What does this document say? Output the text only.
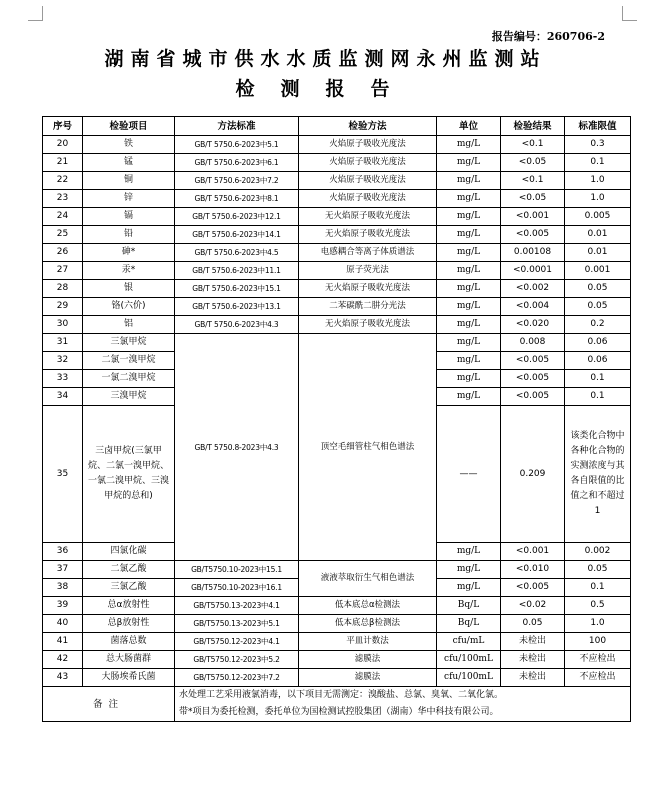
报告编号：260706-2
湖南省城市供水水质监测网永州监测站
检测报告
序号	检验项目	方法标准	检验方法	单位	检验结果	标准限值
20	铁	GB/T 5750.6-2023中5.1	火焰原子吸收光度法	mg/L	<0.1	0.3
21	锰	GB/T 5750.6-2023中6.1	火焰原子吸收光度法	mg/L	<0.05	0.1
22	铜	GB/T 5750.6-2023中7.2	火焰原子吸收光度法	mg/L	<0.1	1.0
23	锌	GB/T 5750.6-2023中8.1	火焰原子吸收光度法	mg/L	<0.05	1.0
24	镉	GB/T 5750.6-2023中12.1	无火焰原子吸收光度法	mg/L	<0.001	0.005
25	铅	GB/T 5750.6-2023中14.1	无火焰原子吸收光度法	mg/L	<0.005	0.01
26	砷*	GB/T 5750.6-2023中4.5	电感耦合等离子体质谱法	mg/L	0.00108	0.01
27	汞*	GB/T 5750.6-2023中11.1	原子荧光法	mg/L	<0.0001	0.001
28	银	GB/T 5750.6-2023中15.1	无火焰原子吸收光度法	mg/L	<0.002	0.05
29	铬(六价)	GB/T 5750.6-2023中13.1	二苯碳酰二肼分光法	mg/L	<0.004	0.05
30	铝	GB/T 5750.6-2023中4.3	无火焰原子吸收光度法	mg/L	<0.020	0.2
31	三氯甲烷	GB/T 5750.8-2023中4.3	顶空毛细管柱气相色谱法	mg/L	0.008	0.06
32	二氯一溴甲烷			mg/L	<0.005	0.06
33	一氯二溴甲烷			mg/L	<0.005	0.1
34	三溴甲烷			mg/L	<0.005	0.1
35	三卤甲烷(三氯甲烷、二氯一溴甲烷、一氯二溴甲烷、三溴甲烷的总和)			——	0.209	该类化合物中各种化合物的实测浓度与其各自限值的比值之和不超过1
36	四氯化碳			mg/L	<0.001	0.002
37	二氯乙酸	GB/T5750.10-2023中15.1	液液萃取衍生气相色谱法	mg/L	<0.010	0.05
38	三氯乙酸	GB/T5750.10-2023中16.1		mg/L	<0.005	0.1
39	总α放射性	GB/T5750.13-2023中4.1	低本底总α检测法	Bq/L	<0.02	0.5
40	总β放射性	GB/T5750.13-2023中5.1	低本底总β检测法	Bq/L	0.05	1.0
41	菌落总数	GB/T5750.12-2023中4.1	平皿计数法	cfu/mL	未检出	100
42	总大肠菌群	GB/T5750.12-2023中5.2	滤膜法	cfu/100mL	未检出	不应检出
43	大肠埃希氏菌	GB/T5750.12-2023中7.2	滤膜法	cfu/100mL	未检出	不应检出
备注		水处理工艺采用液氯消毒，以下项目无需测定：溴酸盐、总氯、臭氧、二氧化氯。
带*项目为委托检测，委托单位为国检测试控股集团（湖南）华中科技有限公司。				
